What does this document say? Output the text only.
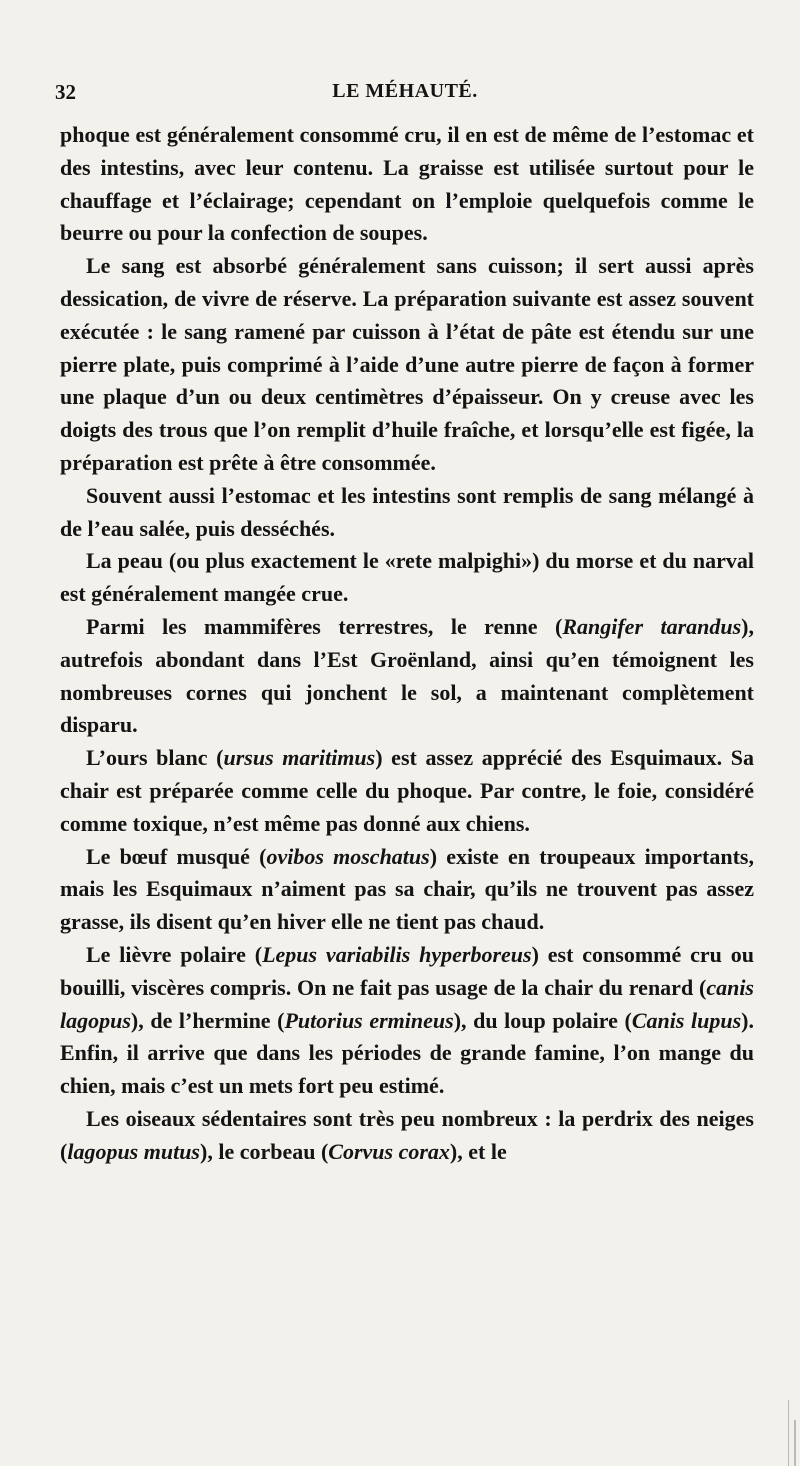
32	LE MÉHAUTÉ.

phoque est généralement consommé cru, il en est de même de l’estomac et des intestins, avec leur contenu. La graisse est utilisée surtout pour le chauffage et l’éclairage; cependant on l’emploie quelquefois comme le beurre ou pour la confection de soupes.

Le sang est absorbé généralement sans cuisson; il sert aussi après dessication, de vivre de réserve. La préparation suivante est assez souvent exécutée : le sang ramené par cuisson à l’état de pâte est étendu sur une pierre plate, puis comprimé à l’aide d’une autre pierre de façon à former une plaque d’un ou deux centimètres d’épaisseur. On y creuse avec les doigts des trous que l’on remplit d’huile fraîche, et lorsqu’elle est figée, la préparation est prête à être consommée.

Souvent aussi l’estomac et les intestins sont remplis de sang mélangé à de l’eau salée, puis desséchés.

La peau (ou plus exactement le «rete malpighi») du morse et du narval est généralement mangée crue.

Parmi les mammifères terrestres, le renne (Rangifer tarandus), autrefois abondant dans l’Est Groënland, ainsi qu’en témoignent les nombreuses cornes qui jonchent le sol, a maintenant complètement disparu.

L’ours blanc (ursus maritimus) est assez apprécié des Esquimaux. Sa chair est préparée comme celle du phoque. Par contre, le foie, considéré comme toxique, n’est même pas donné aux chiens.

Le bœuf musqué (ovibos moschatus) existe en troupeaux importants, mais les Esquimaux n’aiment pas sa chair, qu’ils ne trouvent pas assez grasse, ils disent qu’en hiver elle ne tient pas chaud.

Le lièvre polaire (Lepus variabilis hyperboreus) est consommé cru ou bouilli, viscères compris. On ne fait pas usage de la chair du renard (canis lagopus), de l’hermine (Putorius ermineus), du loup polaire (Canis lupus). Enfin, il arrive que dans les périodes de grande famine, l’on mange du chien, mais c’est un mets fort peu estimé.

Les oiseaux sédentaires sont très peu nombreux : la perdrix des neiges (lagopus mutus), le corbeau (Corvus corax), et le
